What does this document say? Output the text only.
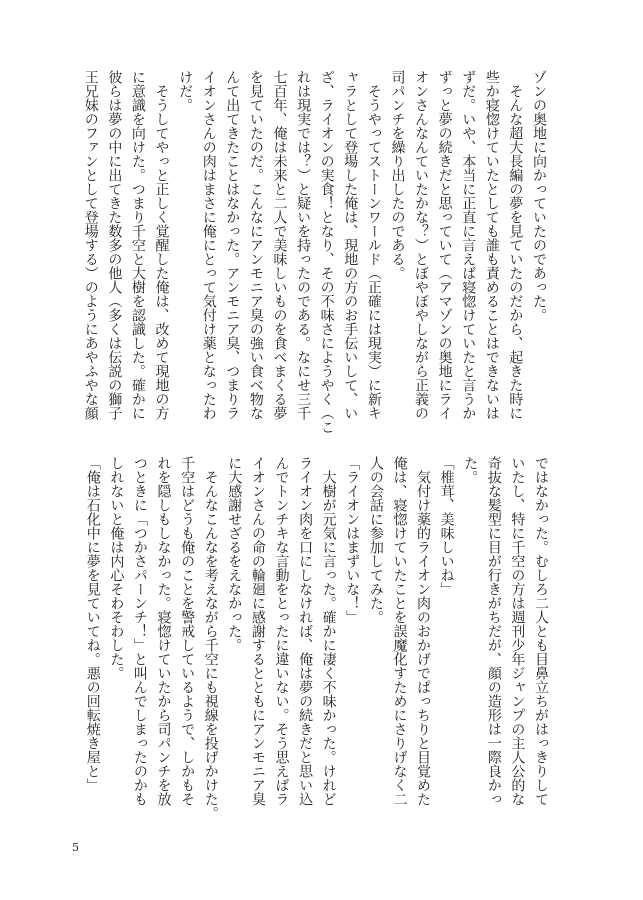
ゾンの奥地に向かっていたのであった。
　そんな超大長編の夢を見ていたのだから、起きた時に
些か寝惚けていたとしても誰も責めることはできないは
ずだ。いや、本当に正直に言えば寝惚けていたと言うか
ずっと夢の続きだと思っていて（アマゾンの奥地にライ
オンさんなんていたかな？）とぼやぼやしながら正義の
司パンチを繰り出したのである。
　そうやってストーンワールド（正確には現実）に新キ
ャラとして登場した俺は、現地の方のお手伝いして、い
ざ、ライオンの実食！となり、その不味さにようやく（こ
れは現実では？）と疑いを持ったのである。なにせ三千
七百年、俺は未来と二人で美味しいものを食べまくる夢
を見ていたのだ。こんなにアンモニア臭の強い食べ物な
んて出てきたことはなかった。アンモニア臭、つまりラ
イオンさんの肉はまさに俺にとって気付け薬となったわ
けだ。
　そうしてやっと正しく覚醒した俺は、改めて現地の方
に意識を向けた。つまり千空と大樹を認識した。確かに
彼らは夢の中に出てきた数多の他人（多くは伝説の獅子
王兄妹のファンとして登場する）のようにあやふやな顔
ではなかった。むしろ二人とも目鼻立ちがはっきりして
いたし、特に千空の方は週刊少年ジャンプの主人公的な
奇抜な髪型に目が行きがちだが、顔の造形は一際良かっ
た。
「椎茸、美味しいね」
　気付け薬的ライオン肉のおかげでぱっちりと目覚めた
俺は、寝惚けていたことを誤魔化すためにさりげなく二
人の会話に参加してみた。
「ライオンはまずいな！」
　大樹が元気に言った。確かに凄く不味かった。けれど
ライオン肉を口にしなければ、俺は夢の続きだと思い込
んでトンチキな言動をとったに違いない。そう思えばラ
イオンさんの命の輪廻に感謝するとともにアンモニア臭
に大感謝せざるをえなかった。
　そんなこんなを考えながら千空にも視線を投げかけた。
千空はどうも俺のことを警戒しているようで、しかもそ
れを隠しもしなかった。寝惚けていたから司パンチを放
つときに「つかさパーンチ！」と叫んでしまったのかも
しれないと俺は内心そわそわした。
「俺は石化中に夢を見ていてね。悪の回転焼き屋と」
5
